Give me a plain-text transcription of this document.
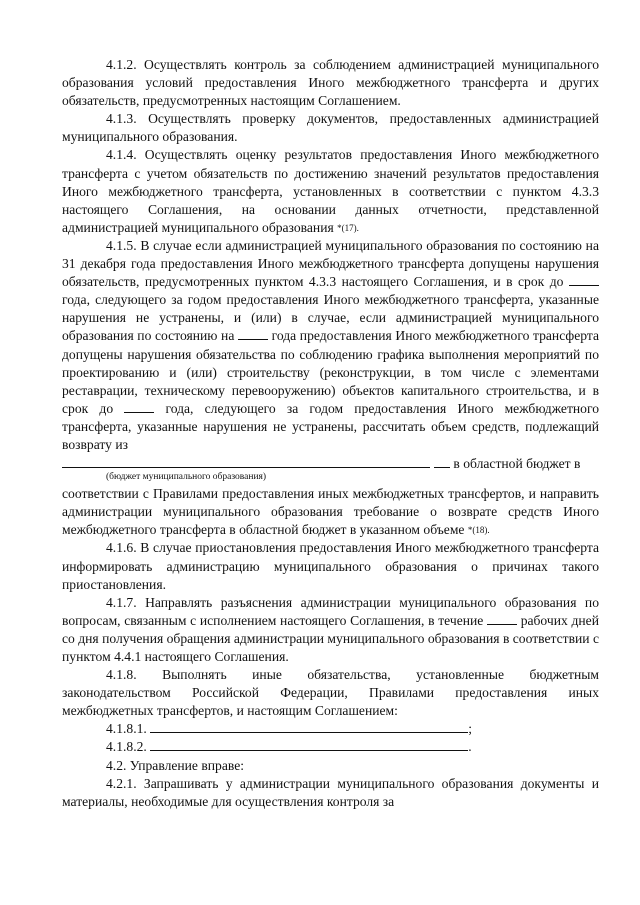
4.1.2. Осуществлять контроль за соблюдением администрацией муниципального образования условий предоставления Иного межбюджетного трансферта и других обязательств, предусмотренных настоящим Соглашением.

4.1.3. Осуществлять проверку документов, предоставленных администрацией муниципального образования.

4.1.4. Осуществлять оценку результатов предоставления Иного межбюджетного трансферта с учетом обязательств по достижению значений результатов предоставления Иного межбюджетного трансферта, установленных в соответствии с пунктом 4.3.3 настоящего Соглашения, на основании данных отчетности, представленной администрацией муниципального образования *(17).

4.1.5. В случае если администрацией муниципального образования по состоянию на 31 декабря года предоставления Иного межбюджетного трансферта допущены нарушения обязательств, предусмотренных пунктом 4.3.3 настоящего Соглашения, и в срок до  года, следующего за годом предоставления Иного межбюджетного трансферта, указанные нарушения не устранены, и (или) в случае, если администрацией муниципального образования по состоянию на	года предоставления Иного межбюджетного трансферта допущены нарушения обязательства по соблюдению графика выполнения мероприятий по проектированию и (или) строительству (реконструкции, в том числе с элементами реставрации, техническому перевооружению) объектов капитального строительства, и в срок до	года, следующего за годом предоставления Иного межбюджетного трансферта, указанные нарушения не устранены, рассчитать объем средств, подлежащий возврату из

в областной бюджет в
(бюджет муниципального образования)

соответствии с Правилами предоставления иных межбюджетных трансфертов, и направить администрации муниципального образования требование о возврате средств Иного межбюджетного трансферта в областной бюджет в указанном объеме *(18).

4.1.6. В случае приостановления предоставления Иного межбюджетного трансферта информировать администрацию муниципального образования о причинах такого приостановления.

4.1.7. Направлять разъяснения администрации муниципального образования по вопросам, связанным с исполнением настоящего Соглашения, в течение	рабочих дней со дня получения обращения администрации муниципального образования в соответствии с пунктом 4.4.1 настоящего Соглашения.

4.1.8. Выполнять иные обязательства, установленные бюджетным законодательством Российской Федерации, Правилами предоставления иных межбюджетных трансфертов, и настоящим Соглашением:

4.1.8.1.	;

4.1.8.2.	.

4.2. Управление вправе:

4.2.1. Запрашивать у администрации муниципального образования документы и материалы, необходимые для осуществления контроля за
